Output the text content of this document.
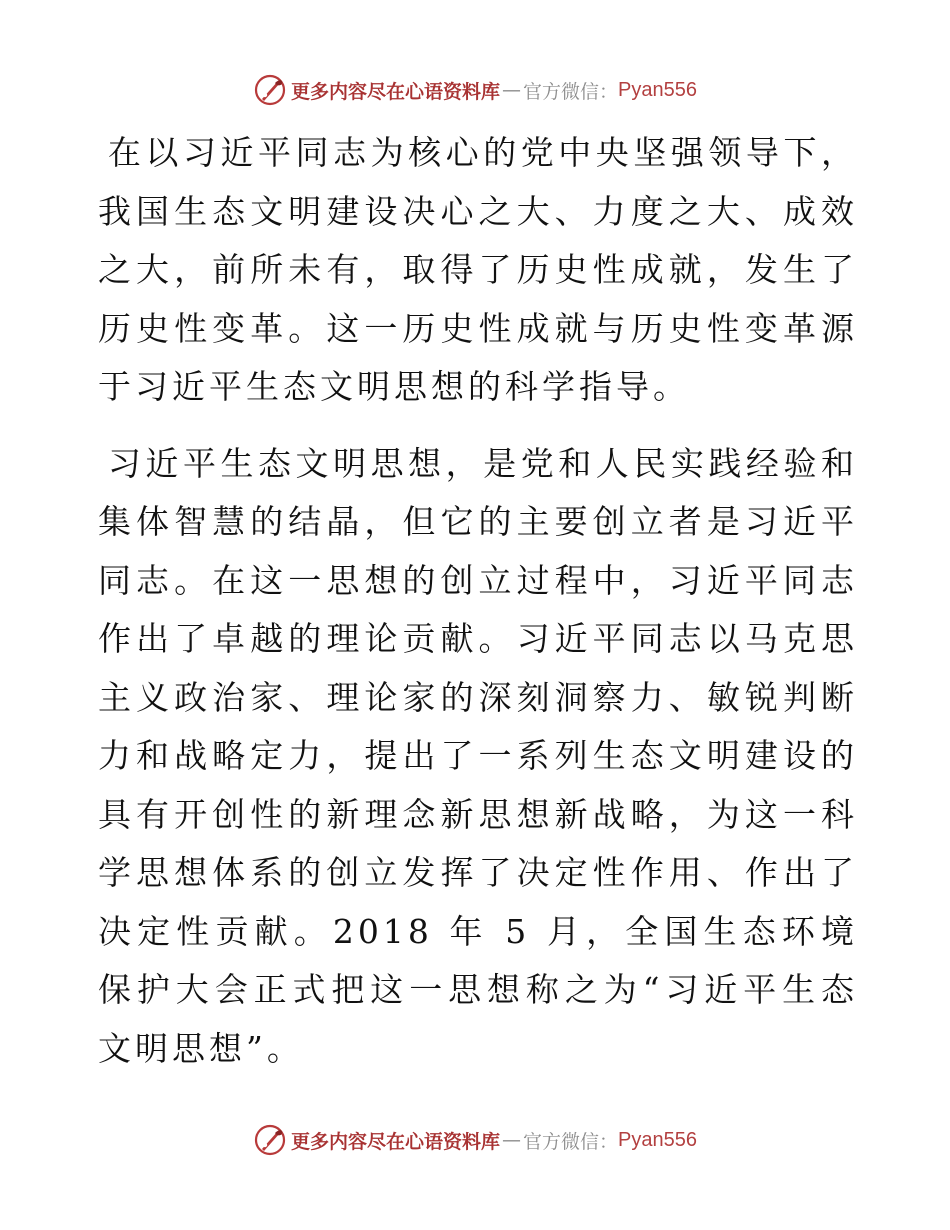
更多内容尽在心语资料库 — 官方微信： Pyan556

在以习近平同志为核心的党中央坚强领导下，我国生态文明建设决心之大、力度之大、成效之大，前所未有，取得了历史性成就，发生了历史性变革。这一历史性成就与历史性变革源于习近平生态文明思想的科学指导。

习近平生态文明思想，是党和人民实践经验和集体智慧的结晶，但它的主要创立者是习近平同志。在这一思想的创立过程中，习近平同志作出了卓越的理论贡献。习近平同志以马克思主义政治家、理论家的深刻洞察力、敏锐判断力和战略定力，提出了一系列生态文明建设的具有开创性的新理念新思想新战略，为这一科学思想体系的创立发挥了决定性作用、作出了决定性贡献。2018 年 5 月，全国生态环境保护大会正式把这一思想称之为“习近平生态文明思想”。

更多内容尽在心语资料库 — 官方微信： Pyan556
